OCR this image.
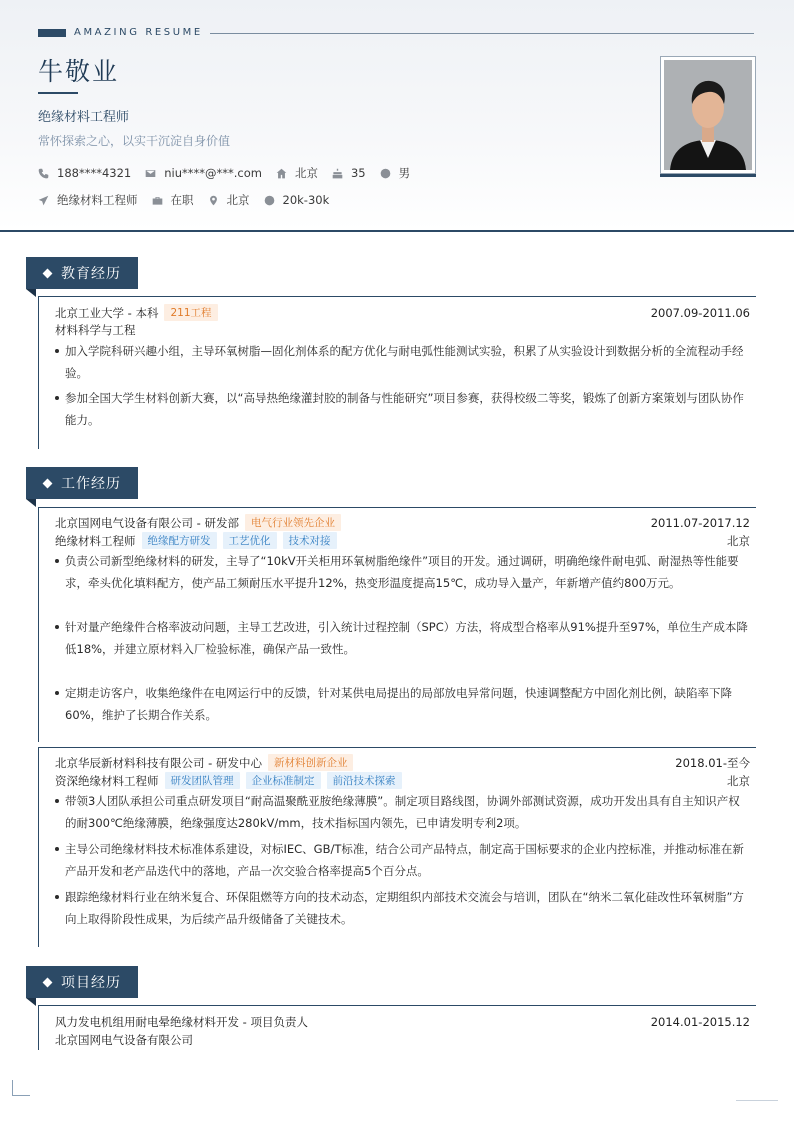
AMAZING RESUME
牛敬业
绝缘材料工程师
常怀探索之心，以实干沉淀自身价值
188****4321	niu****@***.com	北京	35	男
绝缘材料工程师	在职	北京	20k-30k
教育经历
北京工业大学 - 本科	211工程	2007.09-2011.06
材料科学与工程
加入学院科研兴趣小组，主导环氧树脂—固化剂体系的配方优化与耐电弧性能测试实验，积累了从实验设计到数据分析的全流程动手经验。
参加全国大学生材料创新大赛，以“高导热绝缘灌封胶的制备与性能研究”项目参赛，获得校级二等奖，锻炼了创新方案策划与团队协作能力。
工作经历
北京国网电气设备有限公司 - 研发部	电气行业领先企业	2011.07-2017.12
绝缘材料工程师	绝缘配方研发	工艺优化	技术对接	北京
负责公司新型绝缘材料的研发，主导了“10kV开关柜用环氧树脂绝缘件”项目的开发。通过调研，明确绝缘件耐电弧、耐湿热等性能要求，牵头优化填料配方，使产品工频耐压水平提升12%，热变形温度提高15℃，成功导入量产，年新增产值约800万元。
针对量产绝缘件合格率波动问题，主导工艺改进，引入统计过程控制（SPC）方法，将成型合格率从91%提升至97%，单位生产成本降低18%，并建立原材料入厂检验标准，确保产品一致性。
定期走访客户，收集绝缘件在电网运行中的反馈，针对某供电局提出的局部放电异常问题，快速调整配方中固化剂比例，缺陷率下降60%，维护了长期合作关系。
北京华辰新材料科技有限公司 - 研发中心	新材料创新企业	2018.01-至今
资深绝缘材料工程师	研发团队管理	企业标准制定	前沿技术探索	北京
带领3人团队承担公司重点研发项目“耐高温聚酰亚胺绝缘薄膜”。制定项目路线图，协调外部测试资源，成功开发出具有自主知识产权的耐300℃绝缘薄膜，绝缘强度达280kV/mm，技术指标国内领先，已申请发明专利2项。
主导公司绝缘材料技术标准体系建设，对标IEC、GB/T标准，结合公司产品特点，制定高于国标要求的企业内控标准，并推动标准在新产品开发和老产品迭代中的落地，产品一次交验合格率提高5个百分点。
跟踪绝缘材料行业在纳米复合、环保阻燃等方向的技术动态，定期组织内部技术交流会与培训，团队在“纳米二氧化硅改性环氧树脂”方向上取得阶段性成果，为后续产品升级储备了关键技术。
项目经历
风力发电机组用耐电晕绝缘材料开发 - 项目负责人	2014.01-2015.12
北京国网电气设备有限公司
